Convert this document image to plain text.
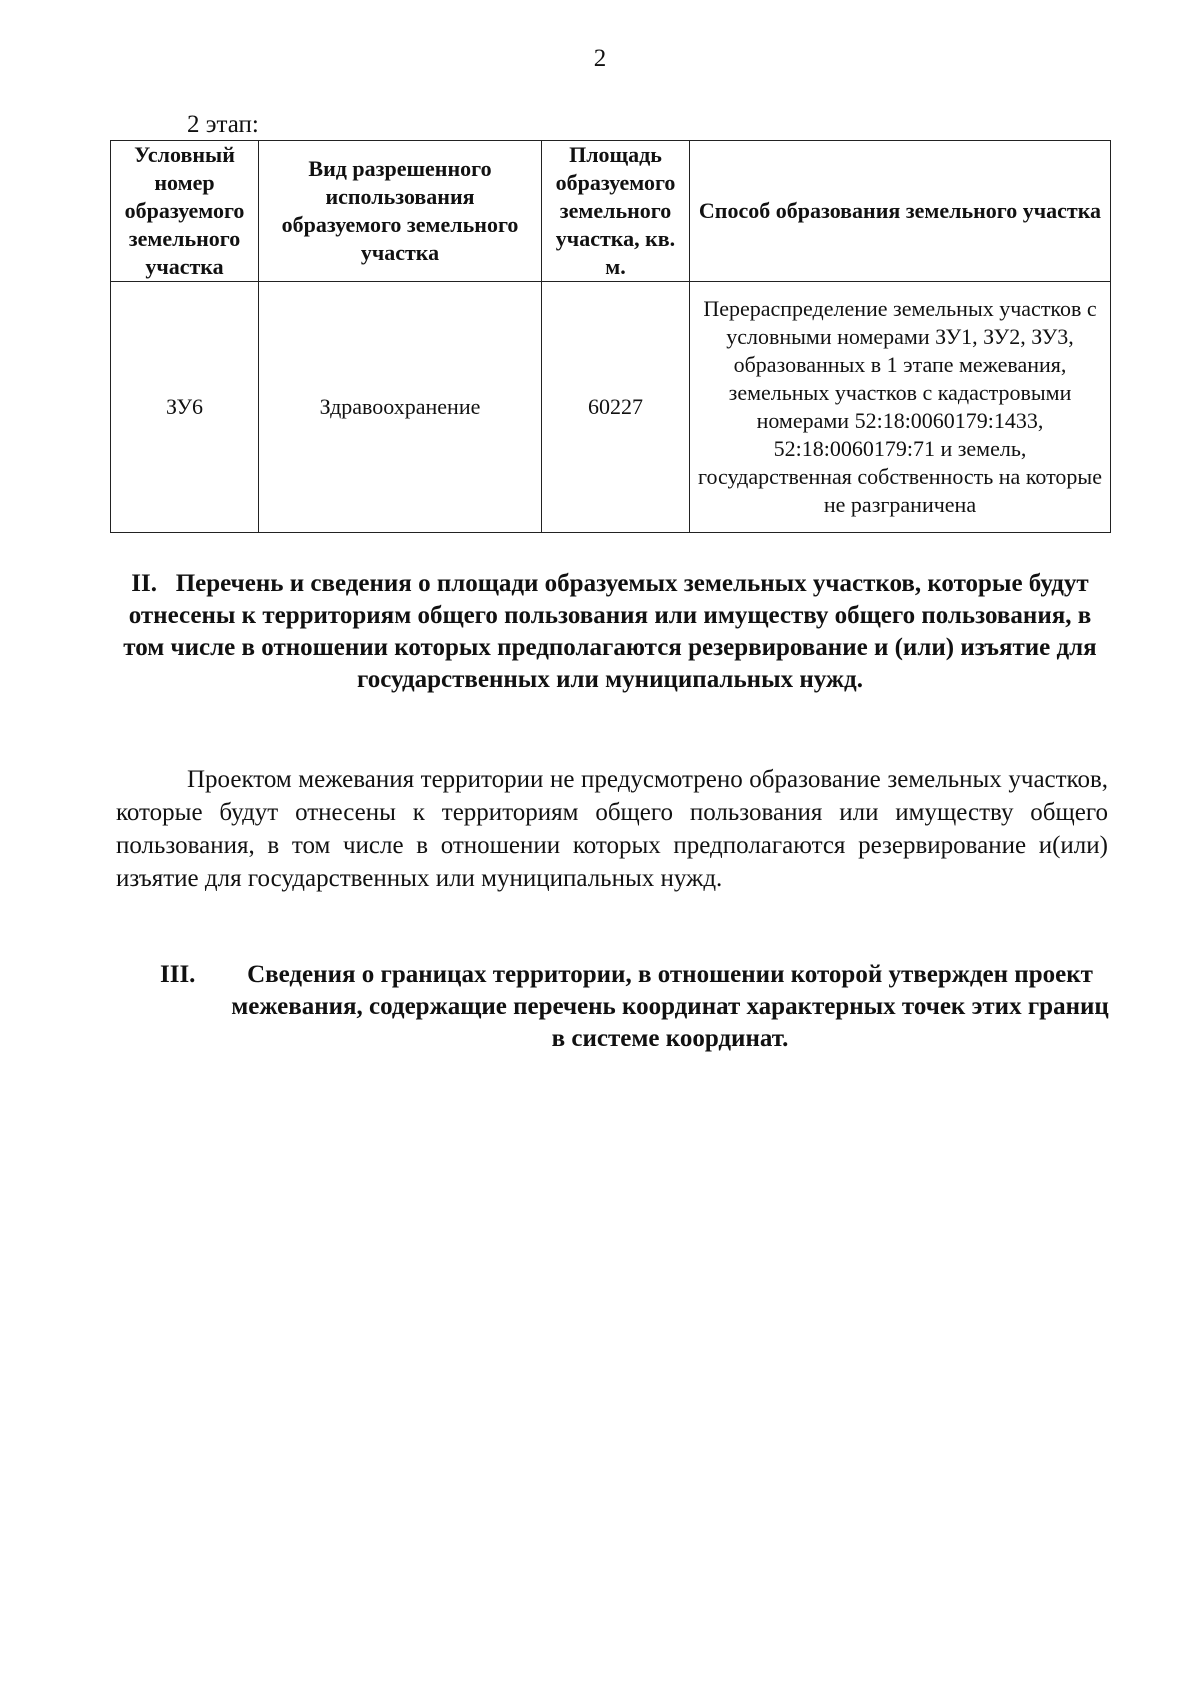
2
2 этап:
Условный номер образуемого земельного участка	Вид разрешенного использования образуемого земельного участка	Площадь образуемого земельного участка, кв. м.	Способ образования земельного участка
ЗУ6	Здравоохранение	60227	Перераспределение земельных участков с условными номерами ЗУ1, ЗУ2, ЗУ3, образованных в 1 этапе межевания, земельных участков с кадастровыми номерами 52:18:0060179:1433, 52:18:0060179:71 и земель, государственная собственность на которые не разграничена
II.   Перечень и сведения о площади образуемых земельных участков, которые будут отнесены к территориям общего пользования или имуществу общего пользования, в том числе в отношении которых предполагаются резервирование и (или) изъятие для государственных или муниципальных нужд.
Проектом межевания территории не предусмотрено образование земельных участков, которые будут отнесены к территориям общего пользования или имуществу общего пользования, в том числе в отношении которых предполагаются резервирование и(или) изъятие для государственных или муниципальных нужд.
III.	Сведения о границах территории, в отношении которой утвержден проект межевания, содержащие перечень координат характерных точек этих границ в системе координат.
